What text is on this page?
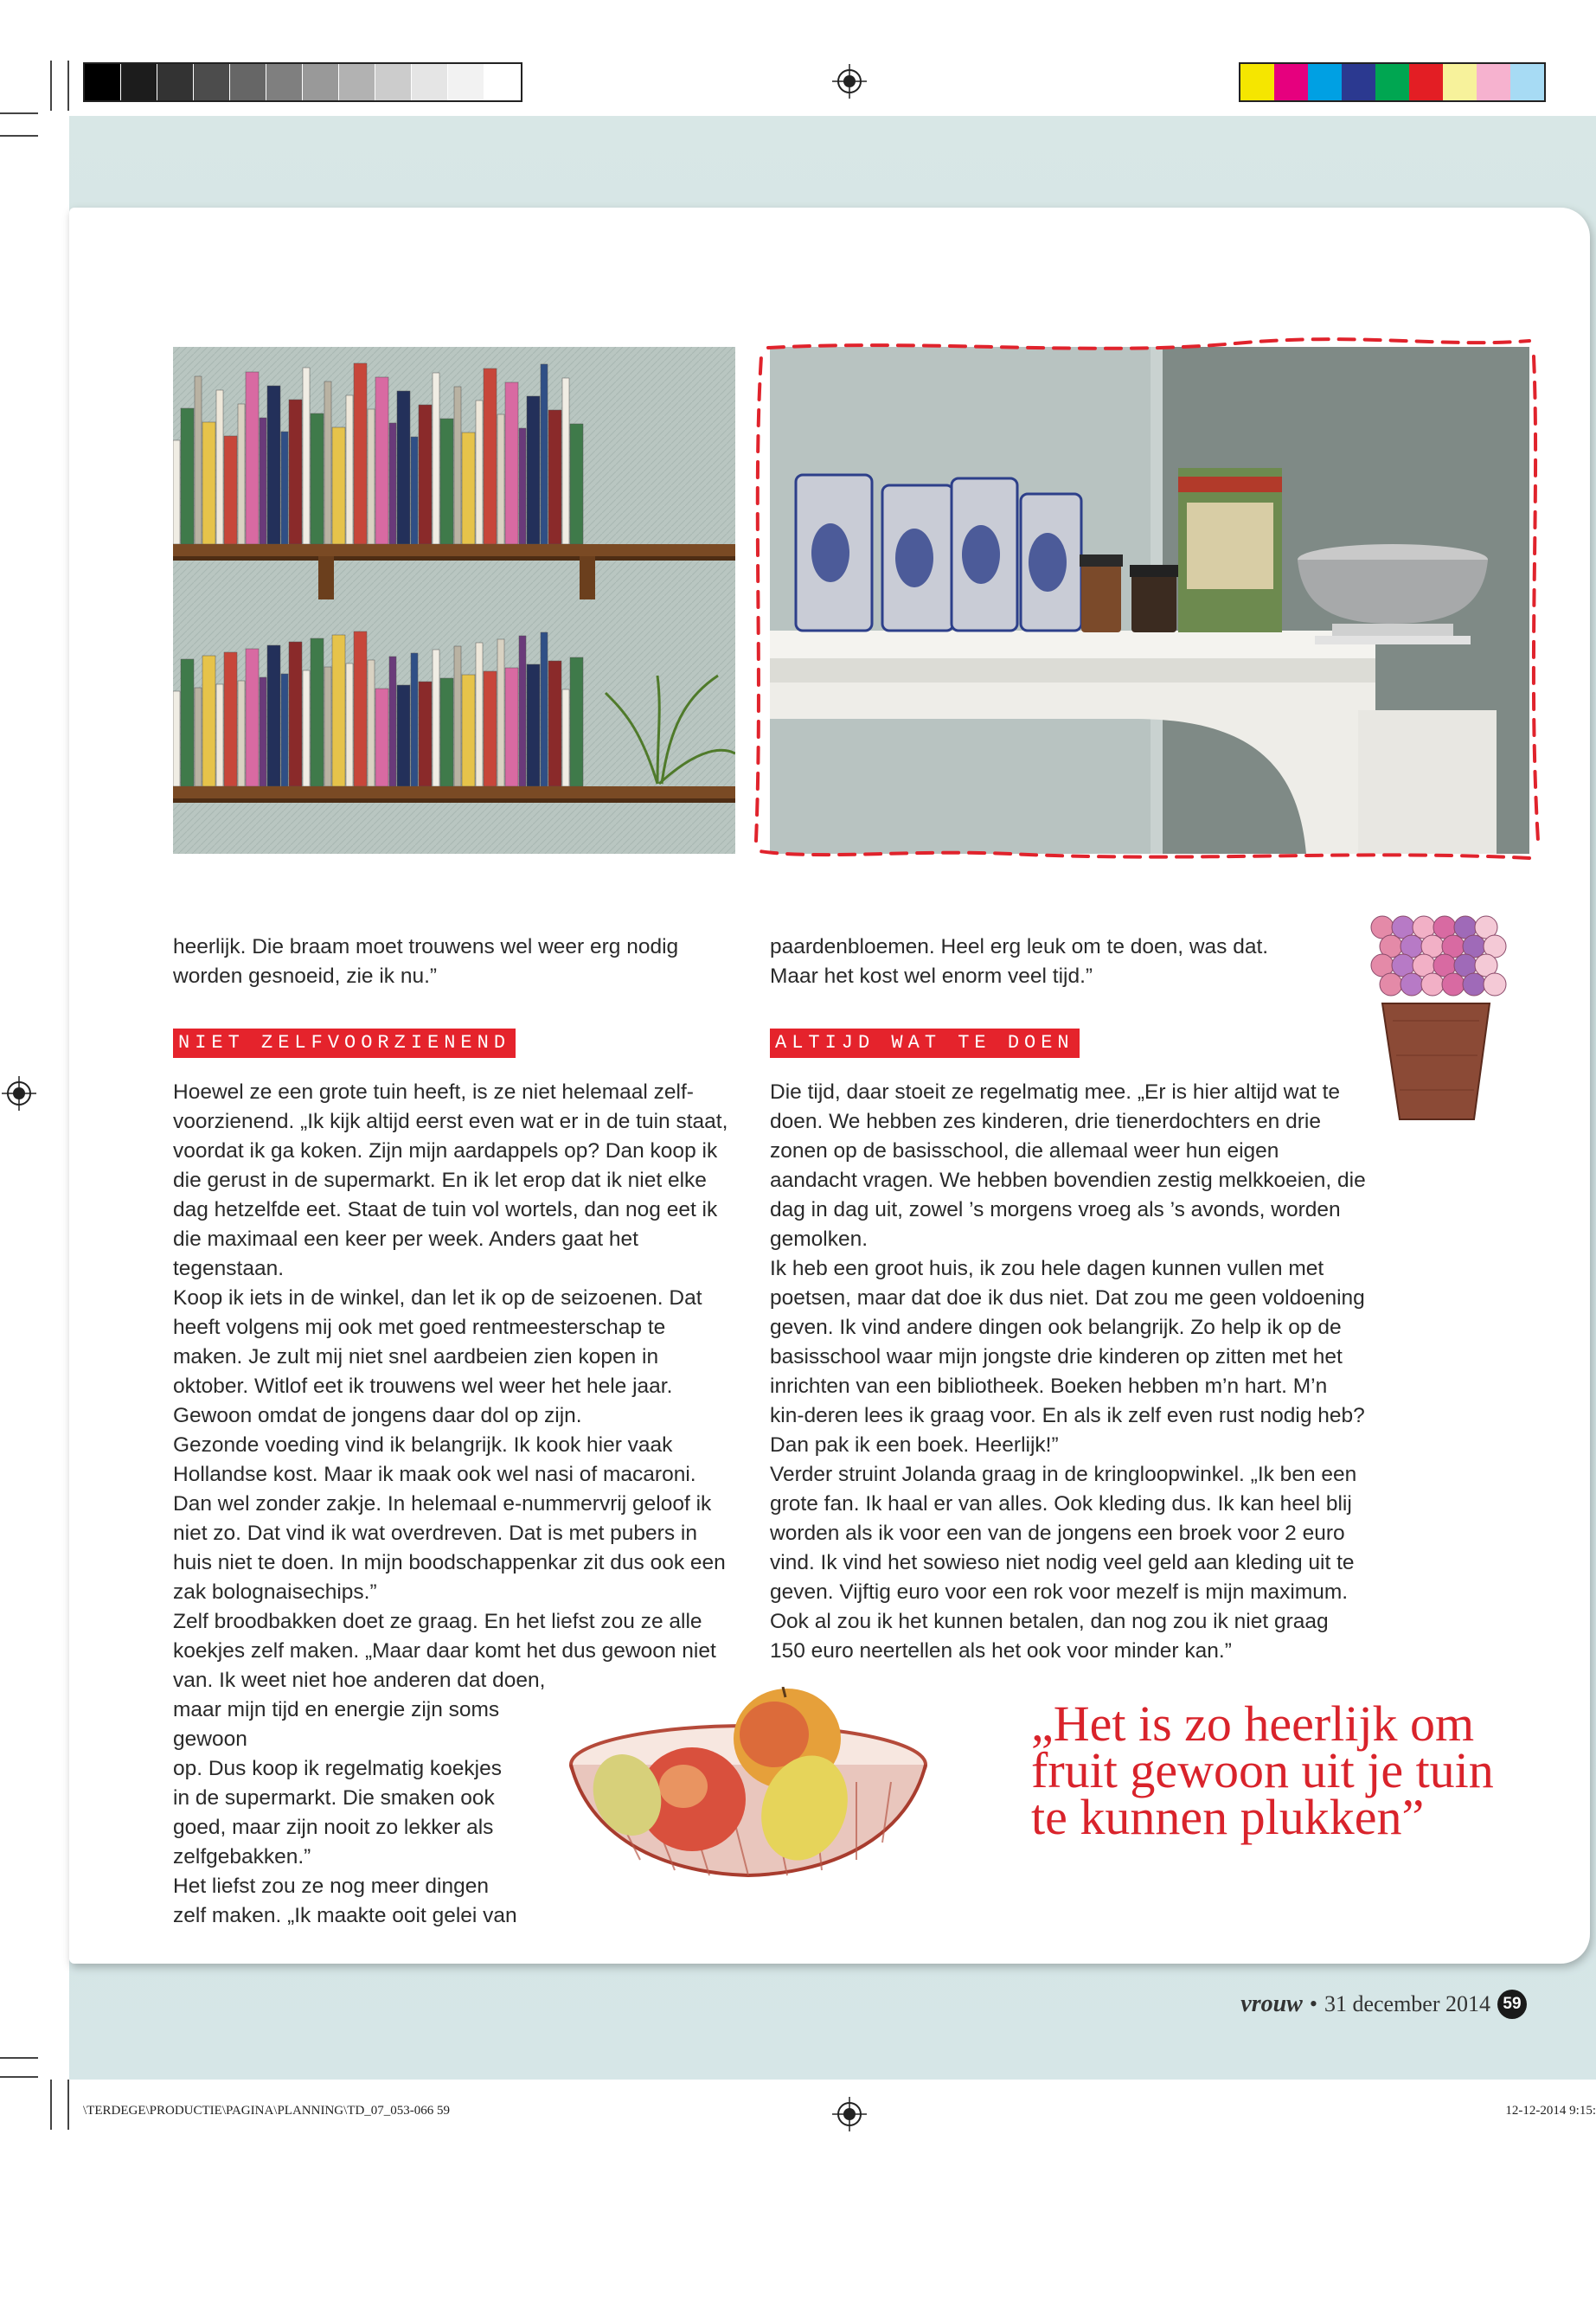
\TERDEGE\PRODUCTIE\PAGINA\PLANNING\TD_07_053-066 59	12-12-2014 9:15:
heerlijk. Die braam moet trouwens wel weer erg nodig worden gesnoeid, zie ik nu.”
NIET ZELFVOORZIENEND

Hoewel ze een grote tuin heeft, is ze niet helemaal zelf-voorzienend. „Ik kijk altijd eerst even wat er in de tuin staat, voordat ik ga koken. Zijn mijn aardappels op? Dan koop ik die gerust in de supermarkt. En ik let erop dat ik niet elke dag hetzelfde eet. Staat de tuin vol wortels, dan nog eet ik die maximaal een keer per week. Anders gaat het tegenstaan.

Koop ik iets in de winkel, dan let ik op de seizoenen. Dat heeft volgens mij ook met goed rentmeesterschap te maken. Je zult mij niet snel aardbeien zien kopen in oktober. Witlof eet ik trouwens wel weer het hele jaar. Gewoon omdat de jongens daar dol op zijn.

Gezonde voeding vind ik belangrijk. Ik kook hier vaak Hollandse kost. Maar ik maak ook wel nasi of macaroni. Dan wel zonder zakje. In helemaal e-nummervrij geloof ik niet zo. Dat vind ik wat overdreven. Dat is met pubers in huis niet te doen. In mijn boodschappenkar zit dus ook een zak bolognaisechips.”

Zelf broodbakken doet ze graag. En het liefst zou ze alle koekjes zelf maken. „Maar daar komt het dus gewoon niet van. Ik weet niet hoe anderen dat doen,

maar mijn tijd en energie zijn soms gewoon

op. Dus koop ik regelmatig koekjes

in de supermarkt. Die smaken ook

goed, maar zijn nooit zo lekker als

zelfgebakken.”

Het liefst zou ze nog meer dingen

zelf maken. „Ik maakte ooit gelei van

paardenbloemen. Heel erg leuk om te doen, was dat.

Maar het kost wel enorm veel tijd.”

ALTIJD WAT TE DOEN

Die tijd, daar stoeit ze regelmatig mee. „Er is hier altijd wat te doen. We hebben zes kinderen, drie tienerdochters en drie zonen op de basisschool, die allemaal weer hun eigen aandacht vragen. We hebben bovendien zestig melkkoeien, die dag in dag uit, zowel ’s morgens vroeg als ’s avonds, worden gemolken.

Ik heb een groot huis, ik zou hele dagen kunnen vullen met poetsen, maar dat doe ik dus niet. Dat zou me geen voldoening geven. Ik vind andere dingen ook belangrijk. Zo help ik op de basisschool waar mijn jongste drie kinderen op zitten met het inrichten van een bibliotheek. Boeken hebben m’n hart. M’n kin-deren lees ik graag voor. En als ik zelf even rust nodig heb? Dan pak ik een boek. Heerlijk!”

Verder struint Jolanda graag in de kringloopwinkel. „Ik ben een grote fan. Ik haal er van alles. Ook kleding dus. Ik kan heel blij worden als ik voor een van de jongens een broek voor 2 euro vind. Ik vind het sowieso niet nodig veel geld aan kleding uit te geven. Vijftig euro voor een rok voor mezelf is mijn maximum. Ook al zou ik het kunnen betalen, dan nog zou ik niet graag 150 euro neertellen als het ook voor minder kan.”

„Het is zo heerlijk om fruit gewoon uit je tuin te kunnen plukken”
vrouw • 31 december 2014 59
